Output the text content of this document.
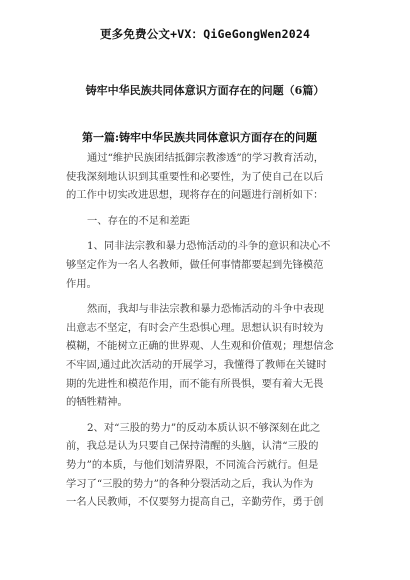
更多免费公文+VX：QiGeGongWen2024
铸牢中华民族共同体意识方面存在的问题（6篇）
第一篇:铸牢中华民族共同体意识方面存在的问题
通过“维护民族团结抵御宗教渗透”的学习教育活动，
使我深刻地认识到其重要性和必要性，为了使自己在以后
的工作中切实改进思想，现将存在的问题进行剖析如下：
一、存在的不足和差距
1、同非法宗教和暴力恐怖活动的斗争的意识和决心不
够坚定作为一名人名教师，做任何事情都要起到先锋模范
作用。
然而，我却与非法宗教和暴力恐怖活动的斗争中表现
出意志不坚定，有时会产生恐惧心理。思想认识有时较为
模糊，不能树立正确的世界观、人生观和价值观；理想信念
不牢固,通过此次活动的开展学习，我懂得了教师在关键时
期的先进性和模范作用，而不能有所畏惧，要有着大无畏
的牺牲精神。
2、对“三股的势力”的反动本质认识不够深刻在此之
前，我总是认为只要自己保持清醒的头脑，认清“三股的
势力”的本质，与他们划清界限，不同流合污就行。但是
学习了“三股的势力”的各种分裂活动之后，我认为作为
一名人民教师，不仅要努力提高自己，辛勤劳作，勇于创
